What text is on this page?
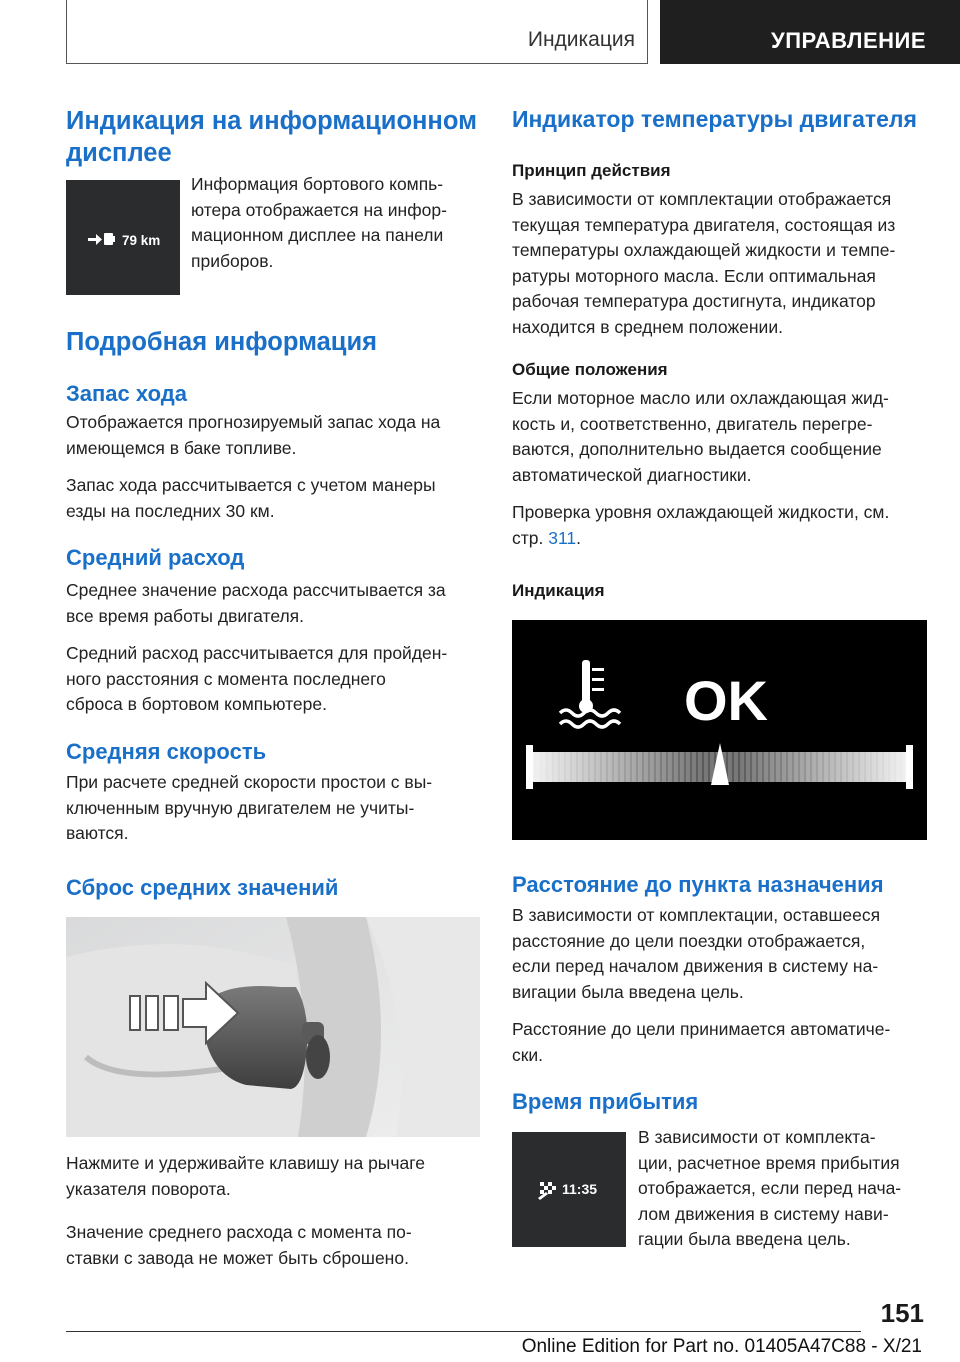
Индикация	УПРАВЛЕНИЕ
Индикация на информационном дисплее
79 km

Информация бортового компь-

ютера отображается на инфор-

мационном дисплее на панели

приборов.

Подробная информация
Запас хода

Отображается прогнозируемый запас хода на

имеющемся в баке топливе.

Запас хода рассчитывается с учетом манеры

езды на последних 30 км.

Средний расход

Среднее значение расхода рассчитывается за

все время работы двигателя.

Средний расход рассчитывается для пройден-

ного расстояния с момента последнего

сброса в бортовом компьютере.

Средняя скорость

При расчете средней скорости простои с вы-

ключенным вручную двигателем не учиты-

ваются.

Сброс средних значений

Нажмите и удерживайте клавишу на рычаге

указателя поворота.

Значение среднего расхода с момента по-

ставки с завода не может быть сброшено.

Индикатор температуры двигателя
Принцип действия

В зависимости от комплектации отображается

текущая температура двигателя, состоящая из

температуры охлаждающей жидкости и темпе-

ратуры моторного масла. Если оптимальная

рабочая температура достигнута, индикатор

находится в среднем положении.

Общие положения

Если моторное масло или охлаждающая жид-

кость и, соответственно, двигатель перегре-

ваются, дополнительно выдается сообщение

автоматической диагностики.

Проверка уровня охлаждающей жидкости, см.

стр. 311.

Индикация
OK
Расстояние до пункта назначения

В зависимости от комплектации, оставшееся

расстояние до цели поездки отображается,

если перед началом движения в систему на-

вигации была введена цель.

Расстояние до цели принимается автоматиче-

ски.

Время прибытия
11:35

В зависимости от комплекта-

ции, расчетное время прибытия

отображается, если перед нача-

лом движения в систему нави-

гации была введена цель.

151
Online Edition for Part no. 01405A47C88 - X/21
